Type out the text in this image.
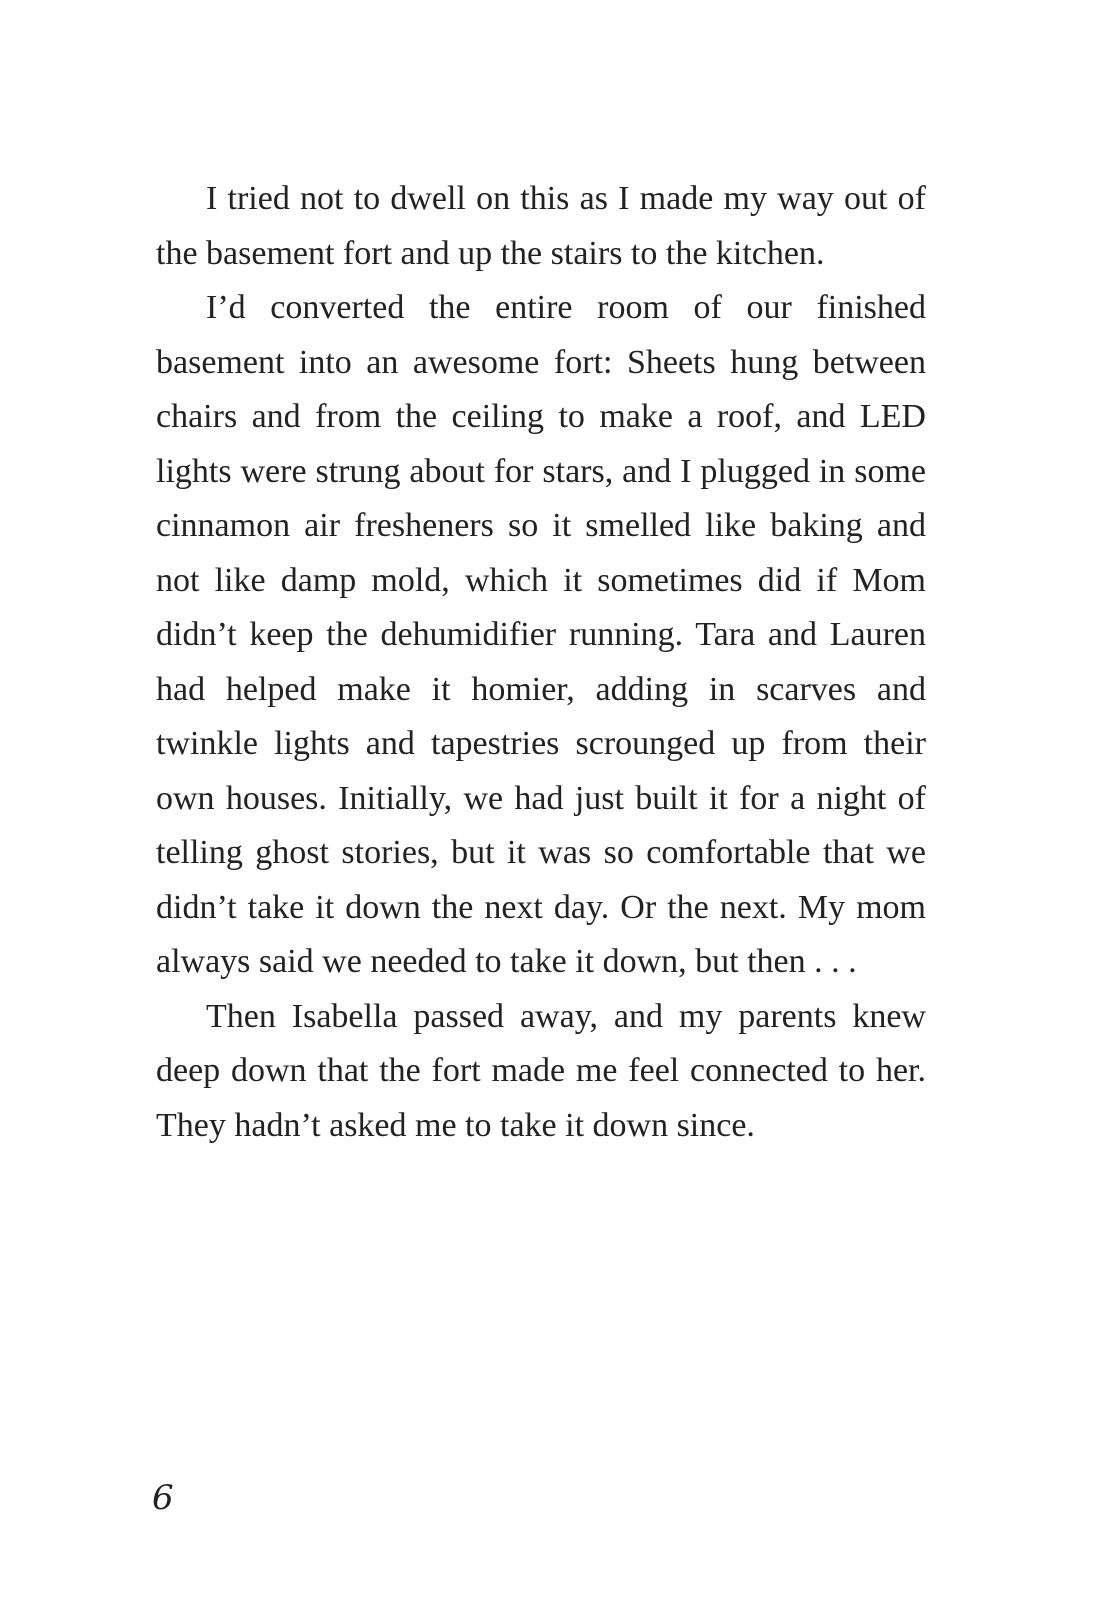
I tried not to dwell on this as I made my way out of the basement fort and up the stairs to the kitchen.

I’d converted the entire room of our finished basement into an awesome fort: Sheets hung between chairs and from the ceiling to make a roof, and LED lights were strung about for stars, and I plugged in some cinnamon air fresheners so it smelled like baking and not like damp mold, which it sometimes did if Mom didn’t keep the dehumidifier running. Tara and Lauren had helped make it homier, adding in scarves and twinkle lights and tapestries scrounged up from their own houses. Initially, we had just built it for a night of telling ghost stories, but it was so comfortable that we didn’t take it down the next day. Or the next. My mom always said we needed to take it down, but then . . .

Then Isabella passed away, and my parents knew deep down that the fort made me feel connected to her. They hadn’t asked me to take it down since.

6
